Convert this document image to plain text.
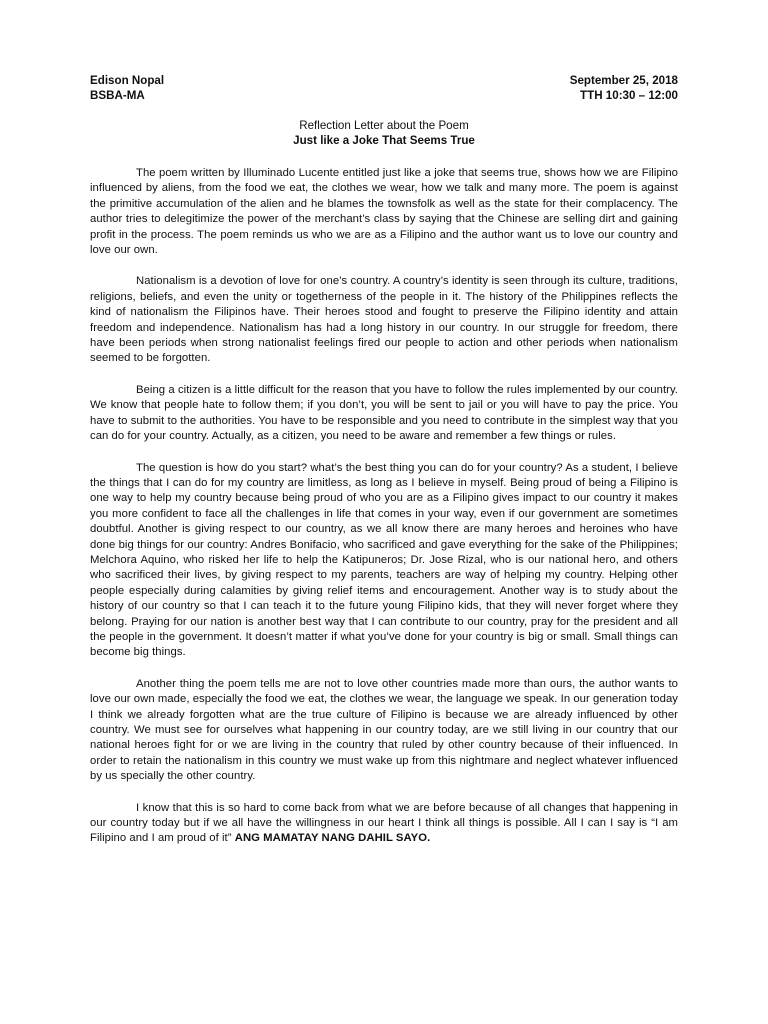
Edison Nopal
BSBA-MA
September 25, 2018
TTH 10:30 – 12:00
Reflection Letter about the Poem
Just like a Joke That Seems True

The poem written by Illuminado Lucente entitled just like a joke that seems true, shows how we are Filipino influenced by aliens, from the food we eat, the clothes we wear, how we talk and many more. The poem is against the primitive accumulation of the alien and he blames the townsfolk as well as the state for their complacency. The author tries to delegitimize the power of the merchant’s class by saying that the Chinese are selling dirt and gaining profit in the process. The poem reminds us who we are as a Filipino and the author want us to love our country and love our own.

Nationalism is a devotion of love for one’s country. A country’s identity is seen through its culture, traditions, religions, beliefs, and even the unity or togetherness of the people in it. The history of the Philippines reflects the kind of nationalism the Filipinos have. Their heroes stood and fought to preserve the Filipino identity and attain freedom and independence. Nationalism has had a long history in our country. In our struggle for freedom, there have been periods when strong nationalist feelings fired our people to action and other periods when nationalism seemed to be forgotten.

Being a citizen is a little difficult for the reason that you have to follow the rules implemented by our country. We know that people hate to follow them; if you don’t, you will be sent to jail or you will have to pay the price. You have to submit to the authorities. You have to be responsible and you need to contribute in the simplest way that you can do for your country. Actually, as a citizen, you need to be aware and remember a few things or rules.

The question is how do you start? what’s the best thing you can do for your country? As a student, I believe the things that I can do for my country are limitless, as long as I believe in myself. Being proud of being a Filipino is one way to help my country because being proud of who you are as a Filipino gives impact to our country it makes you more confident to face all the challenges in life that comes in your way, even if our government are sometimes doubtful. Another is giving respect to our country, as we all know there are many heroes and heroines who have done big things for our country: Andres Bonifacio, who sacrificed and gave everything for the sake of the Philippines; Melchora Aquino, who risked her life to help the Katipuneros; Dr. Jose Rizal, who is our national hero, and others who sacrificed their lives, by giving respect to my parents, teachers are way of helping my country. Helping other people especially during calamities by giving relief items and encouragement. Another way is to study about the history of our country so that I can teach it to the future young Filipino kids, that they will never forget where they belong. Praying for our nation is another best way that I can contribute to our country, pray for the president and all the people in the government. It doesn’t matter if what you’ve done for your country is big or small. Small things can become big things.

Another thing the poem tells me are not to love other countries made more than ours, the author wants to love our own made, especially the food we eat, the clothes we wear, the language we speak. In our generation today I think we already forgotten what are the true culture of Filipino is because we are already influenced by other country. We must see for ourselves what happening in our country today, are we still living in our country that our national heroes fight for or we are living in the country that ruled by other country because of their influenced. In order to retain the nationalism in this country we must wake up from this nightmare and neglect whatever influenced by us specially the other country.

I know that this is so hard to come back from what we are before because of all changes that happening in our country today but if we all have the willingness in our heart I think all things is possible. All I can I say is “I am Filipino and I am proud of it” ANG MAMATAY NANG DAHIL SAYO.
